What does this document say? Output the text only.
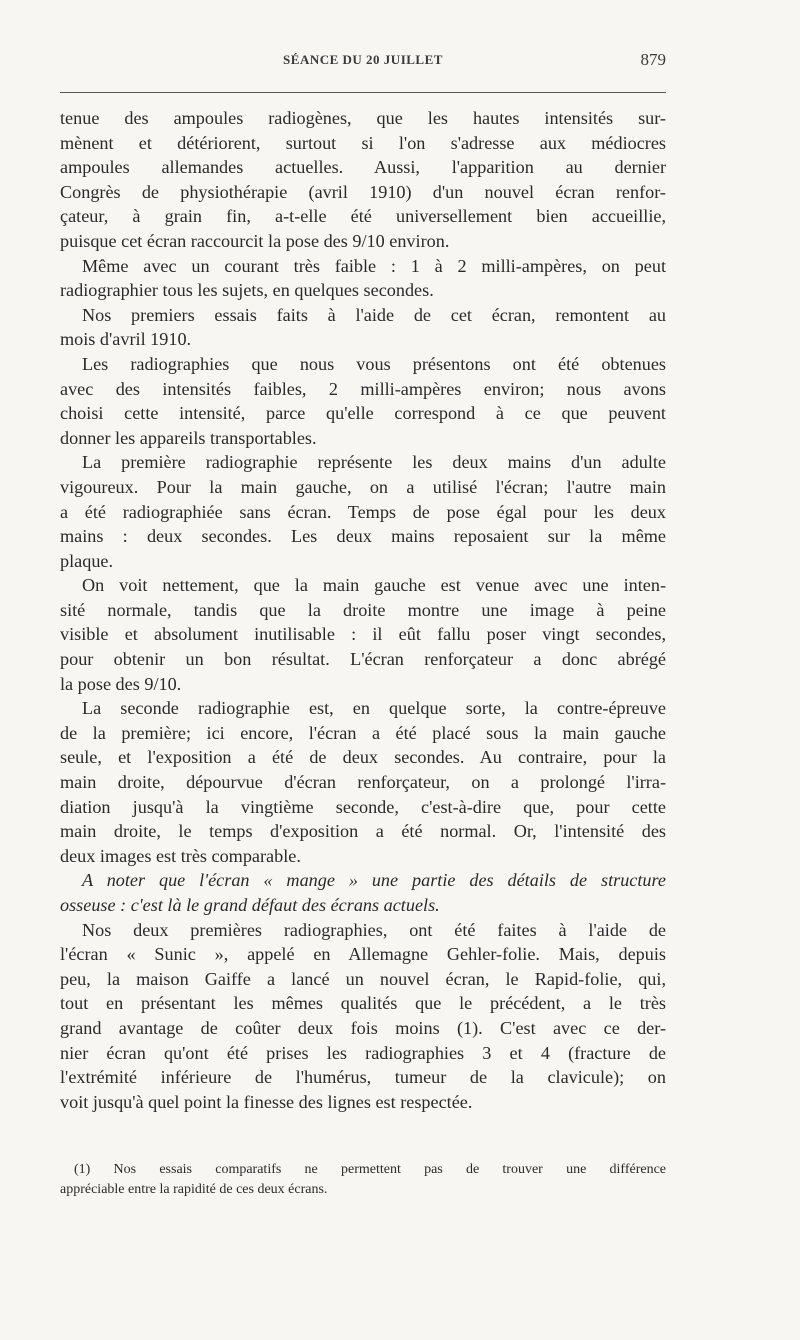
SÉANCE DU 20 JUILLET	879
tenue des ampoules radiogènes, que les hautes intensités sur-
mènent et détériorent, surtout si l'on s'adresse aux médiocres
ampoules allemandes actuelles. Aussi, l'apparition au dernier
Congrès de physiothérapie (avril 1910) d'un nouvel écran renfor-
çateur, à grain fin, a-t-elle été universellement bien accueillie,
puisque cet écran raccourcit la pose des 9/10 environ.
Même avec un courant très faible : 1 à 2 milli-ampères, on peut
radiographier tous les sujets, en quelques secondes.
Nos premiers essais faits à l'aide de cet écran, remontent au
mois d'avril 1910.
Les radiographies que nous vous présentons ont été obtenues
avec des intensités faibles, 2 milli-ampères environ; nous avons
choisi cette intensité, parce qu'elle correspond à ce que peuvent
donner les appareils transportables.
La première radiographie représente les deux mains d'un adulte
vigoureux. Pour la main gauche, on a utilisé l'écran; l'autre main
a été radiographiée sans écran. Temps de pose égal pour les deux
mains : deux secondes. Les deux mains reposaient sur la même
plaque.
On voit nettement, que la main gauche est venue avec une inten-
sité normale, tandis que la droite montre une image à peine
visible et absolument inutilisable : il eût fallu poser vingt secondes,
pour obtenir un bon résultat. L'écran renforçateur a donc abrégé
la pose des 9/10.
La seconde radiographie est, en quelque sorte, la contre-épreuve
de la première; ici encore, l'écran a été placé sous la main gauche
seule, et l'exposition a été de deux secondes. Au contraire, pour la
main droite, dépourvue d'écran renforçateur, on a prolongé l'irra-
diation jusqu'à la vingtième seconde, c'est-à-dire que, pour cette
main droite, le temps d'exposition a été normal. Or, l'intensité des
deux images est très comparable.
A noter que l'écran « mange » une partie des détails de structure
osseuse : c'est là le grand défaut des écrans actuels.
Nos deux premières radiographies, ont été faites à l'aide de
l'écran « Sunic », appelé en Allemagne Gehler-folie. Mais, depuis
peu, la maison Gaiffe a lancé un nouvel écran, le Rapid-folie, qui,
tout en présentant les mêmes qualités que le précédent, a le très
grand avantage de coûter deux fois moins (1). C'est avec ce der-
nier écran qu'ont été prises les radiographies 3 et 4 (fracture de
l'extrémité inférieure de l'humérus, tumeur de la clavicule); on
voit jusqu'à quel point la finesse des lignes est respectée.
(1) Nos essais comparatifs ne permettent pas de trouver une différence
appréciable entre la rapidité de ces deux écrans.
